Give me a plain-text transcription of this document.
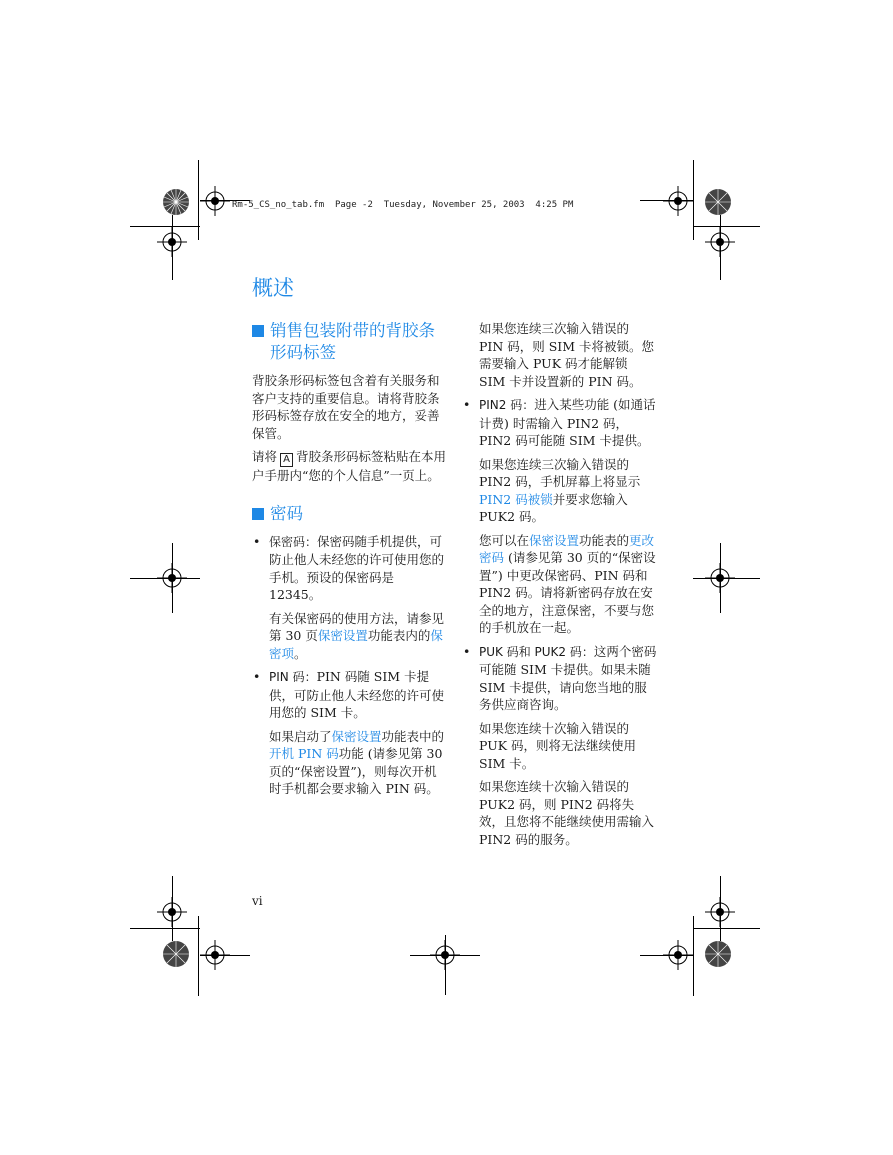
Rm-5_CS_no_tab.fm  Page -2  Tuesday, November 25, 2003  4:25 PM
概述
销售包装附带的背胶条形码标签

背胶条形码标签包含着有关服务和客户支持的重要信息。请将背胶条形码标签存放在安全的地方，妥善保管。

请将 A 背胶条形码标签粘贴在本用户手册内“您的个人信息”一页上。

密码
• 保密码：保密码随手机提供，可防止他人未经您的许可使用您的手机。预设的保密码是 12345。

有关保密码的使用方法，请参见第 30 页保密设置功能表内的保密项。

• PIN 码：PIN 码随 SIM 卡提供，可防止他人未经您的许可使用您的 SIM 卡。

如果启动了保密设置功能表中的开机 PIN 码功能 (请参见第 30 页的“保密设置”)，则每次开机时手机都会要求输入 PIN 码。

如果您连续三次输入错误的 PIN 码，则 SIM 卡将被锁。您需要输入 PUK 码才能解锁 SIM 卡并设置新的 PIN 码。

• PIN2 码：进入某些功能 (如通话计费) 时需输入 PIN2 码，PIN2 码可能随 SIM 卡提供。

如果您连续三次输入错误的 PIN2 码，手机屏幕上将显示PIN2 码被锁并要求您输入 PUK2 码。

您可以在保密设置功能表的更改密码 (请参见第 30 页的“保密设置”) 中更改保密码、PIN 码和 PIN2 码。请将新密码存放在安全的地方，注意保密，不要与您的手机放在一起。

• PUK 码和 PUK2 码：这两个密码可能随 SIM 卡提供。如果未随 SIM 卡提供，请向您当地的服务供应商咨询。

如果您连续十次输入错误的 PUK 码，则将无法继续使用 SIM 卡。

如果您连续十次输入错误的 PUK2 码，则 PIN2 码将失效，且您将不能继续使用需输入 PIN2 码的服务。

vi
